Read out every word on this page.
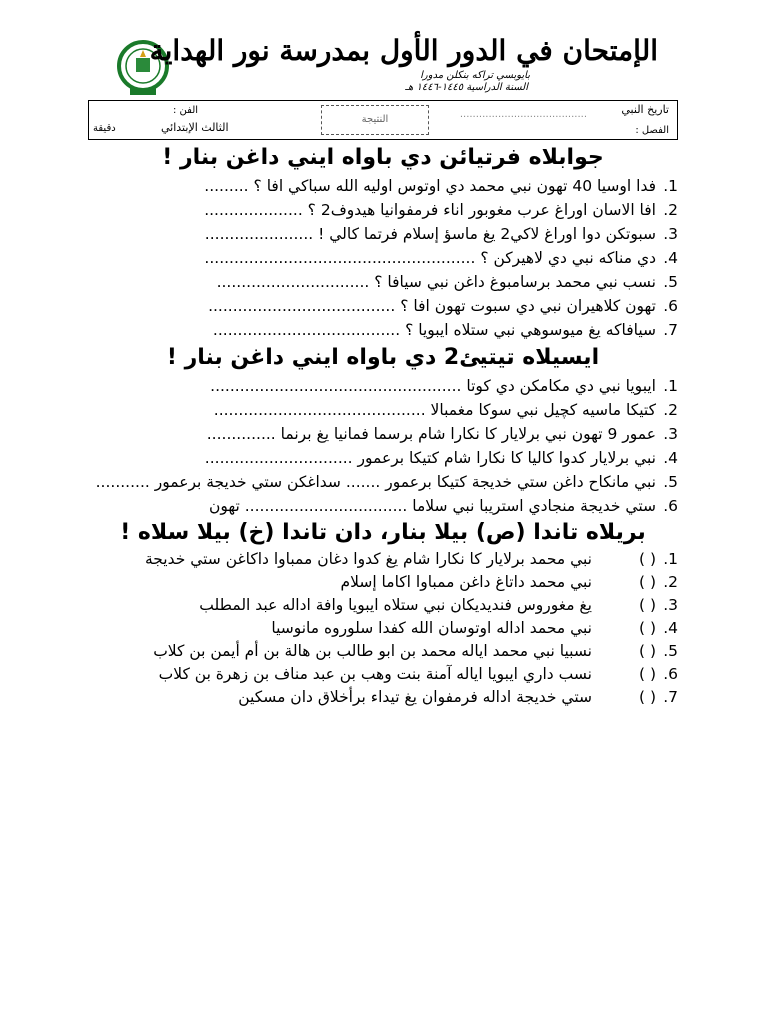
الإمتحان في الدور الأول بمدرسة نور الهداية
بايوبسي تراكه بنكلن مدورا
السنة الدراسية ١٤٤٥-١٤٤٦ هـ
تاريخ النبي
........................................
الفصل :
النتيجة
الفن :
الثالث الإبتدائي
دقيقة
جوابلاه فرتيائن دي باواه ايني داغن بنار !
1.
فدا اوسيا 40 تهون نبي محمد دي اوتوس اوليه الله سباكي افا ؟ .........
2.
افا الاسان اوراغ عرب مغوبور اناء فرمفوانيا هيدوف2 ؟ ....................
3.
سبوتكن دوا اوراغ لاكي2 يغ ماسؤ إسلام فرتما كالي ! ......................
4.
دي مناكه نبي دي لاهيركن ؟ .......................................................
5.
نسب نبي محمد برسامبوغ داغن نبي سيافا ؟ ...............................
6.
تهون كلاهيران نبي دي سبوت تهون افا ؟ ......................................
7.
سيافاكه يغ ميوسوهي نبي ستلاه ايبويا ؟ ......................................
ايسيلاه تيتيئ2 دي باواه ايني داغن بنار !
1.
ايبويا نبي دي مكامكن دي كوتا ...................................................
2.
كتيكا ماسيه كچيل نبي سوكا مغمبالا ...........................................
3.
عمور 9 تهون نبي برلايار كا نكارا شام برسما فمانيا يغ برنما ..............
4.
نبي برلايار كدوا كاليا كا نكارا شام كتيكا برعمور ..............................
5.
نبي مانكاح داغن ستي خديجة كتيكا برعمور ....... سداغكن ستي خديجة برعمور ...........
6.
ستي خديجة منجادي استريبا نبي سلاما ................................. تهون
بريلاه تاندا (ص) بيلا بنار، دان تاندا (خ) بيلا سلاه !
1.
( )نبي محمد برلايار كا نكارا شام يغ كدوا دغان ممباوا داكاغن ستي خديجة
2.
( )نبي محمد داتاغ داغن ممباوا اكاما إسلام
3.
( )يغ مغوروس فنديديكان نبي ستلاه ايبويا وافة اداله عبد المطلب
4.
( )نبي محمد اداله اوتوسان الله كفدا سلوروه مانوسيا
5.
( )نسبيا نبي محمد اياله محمد بن ابو طالب بن هالة بن أم أيمن بن كلاب
6.
( )نسب داري ايبويا اياله آمنة بنت وهب بن عبد مناف بن زهرة بن كلاب
7.
( )ستي خديجة اداله فرمفوان يغ تيداء برأخلاق دان مسكين
